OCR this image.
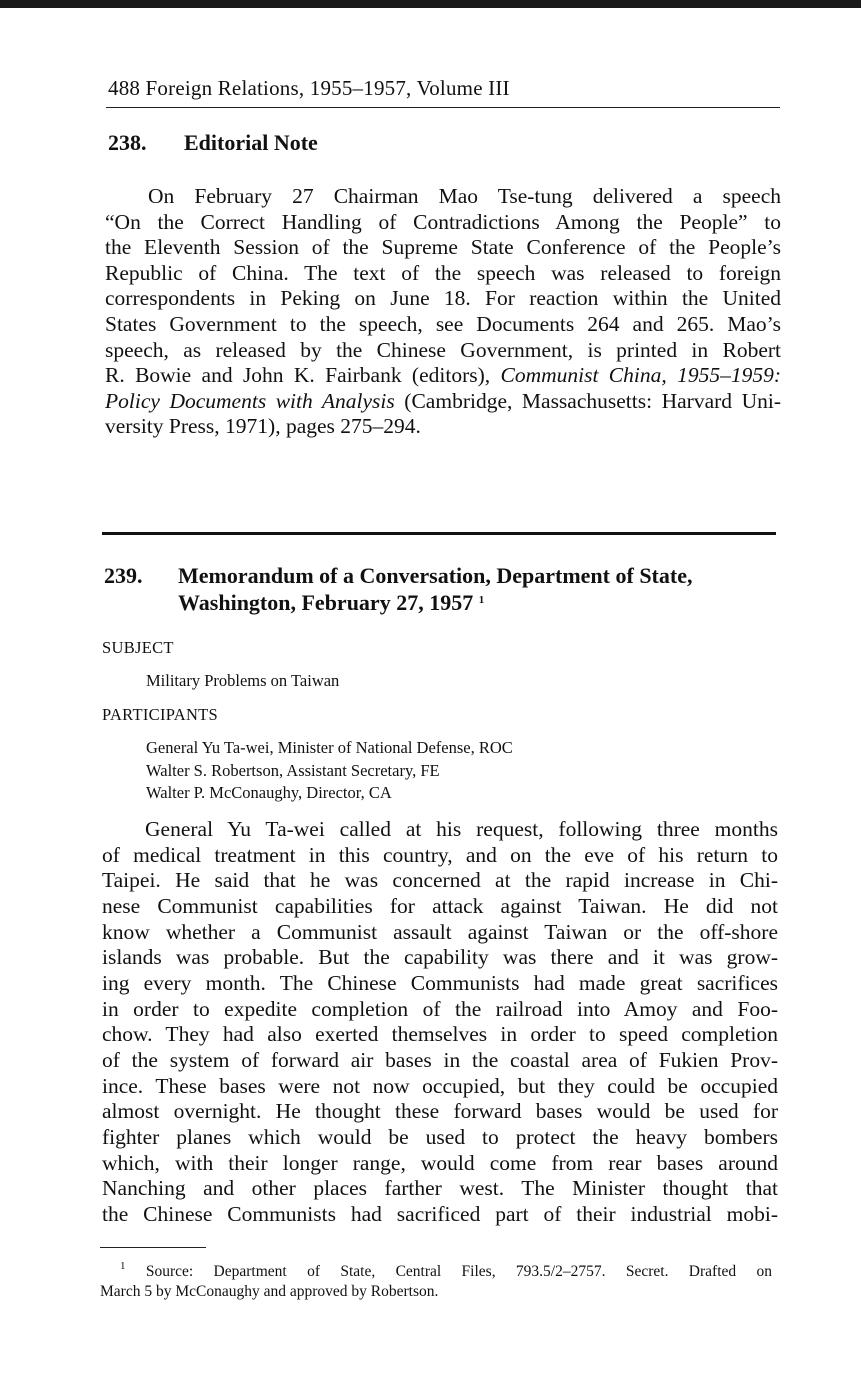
488 Foreign Relations, 1955–1957, Volume III
238. Editorial Note
On February 27 Chairman Mao Tse-tung delivered a speech
“On the Correct Handling of Contradictions Among the People” to
the Eleventh Session of the Supreme State Conference of the People’s
Republic of China. The text of the speech was released to foreign
correspondents in Peking on June 18. For reaction within the United
States Government to the speech, see Documents 264 and 265. Mao’s
speech, as released by the Chinese Government, is printed in Robert
R. Bowie and John K. Fairbank (editors), Communist China, 1955–1959:
Policy Documents with Analysis (Cambridge, Massachusetts: Harvard Uni-
versity Press, 1971), pages 275–294.
239. Memorandum of a Conversation, Department of State,
Washington, February 27, 1957 $^1$
SUBJECT
Military Problems on Taiwan
PARTICIPANTS
General Yu Ta-wei, Minister of National Defense, ROC
Walter S. Robertson, Assistant Secretary, FE
Walter P. McConaughy, Director, CA
General Yu Ta-wei called at his request, following three months
of medical treatment in this country, and on the eve of his return to
Taipei. He said that he was concerned at the rapid increase in Chi-
nese Communist capabilities for attack against Taiwan. He did not
know whether a Communist assault against Taiwan or the off-shore
islands was probable. But the capability was there and it was grow-
ing every month. The Chinese Communists had made great sacrifices
in order to expedite completion of the railroad into Amoy and Foo-
chow. They had also exerted themselves in order to speed completion
of the system of forward air bases in the coastal area of Fukien Prov-
ince. These bases were not now occupied, but they could be occupied
almost overnight. He thought these forward bases would be used for
fighter planes which would be used to protect the heavy bombers
which, with their longer range, would come from rear bases around
Nanching and other places farther west. The Minister thought that
the Chinese Communists had sacrificed part of their industrial mobi-
$^1$ Source: Department of State, Central Files, 793.5/2–2757. Secret. Drafted on
March 5 by McConaughy and approved by Robertson.
